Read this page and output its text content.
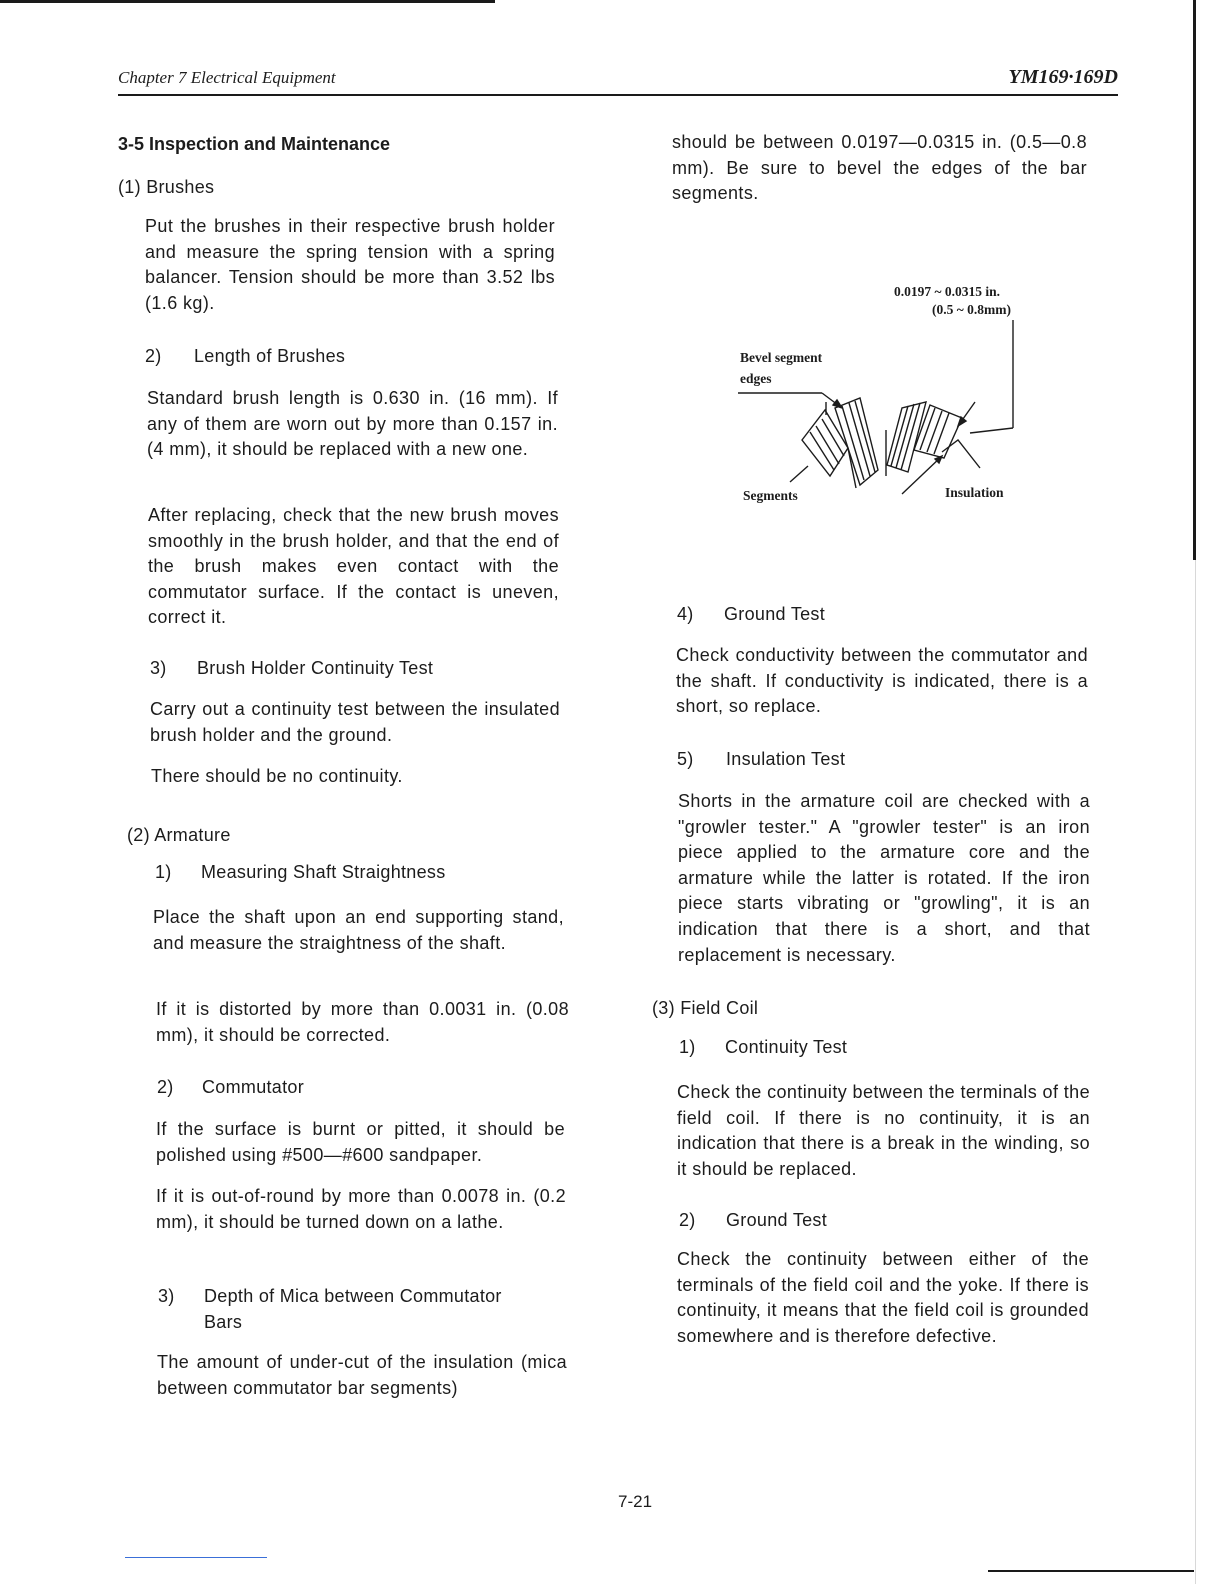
Chapter 7 Electrical Equipment	YM169·169D
3-5 Inspection and Maintenance
(1) Brushes

Put the brushes in their respective brush holder and measure the spring tension with a spring balancer. Tension should be more than 3.52 lbs (1.6 kg).

2) Length of Brushes

Standard brush length is 0.630 in. (16 mm). If any of them are worn out by more than 0.157 in. (4 mm), it should be replaced with a new one.

After replacing, check that the new brush moves smoothly in the brush holder, and that the end of the brush makes even contact with the commutator surface. If the contact is uneven, correct it.

3) Brush Holder Continuity Test

Carry out a continuity test between the insulated brush holder and the ground.

There should be no continuity.

(2) Armature
1) Measuring Shaft Straightness

Place the shaft upon an end supporting stand, and measure the straightness of the shaft.

If it is distorted by more than 0.0031 in. (0.08 mm), it should be corrected.

2) Commutator

If the surface is burnt or pitted, it should be polished using #500—#600 sandpaper.

If it is out-of-round by more than 0.0078 in. (0.2 mm), it should be turned down on a lathe.

3) Depth of Mica between Commutator
Bars

The amount of under-cut of the insulation (mica between commutator bar segments)

should be between 0.0197—0.0315 in. (0.5—0.8 mm). Be sure to bevel the edges of the bar segments.

0.0197 ~ 0.0315 in.
(0.5 ~ 0.8mm)
Bevel segment
edges
Segments	Insulation
4) Ground Test

Check conductivity between the commutator and the shaft. If conductivity is indicated, there is a short, so replace.

5) Insulation Test

Shorts in the armature coil are checked with a "growler tester." A "growler tester" is an iron piece applied to the armature core and the armature while the latter is rotated. If the iron piece starts vibrating or "growling", it is an indication that there is a short, and that replacement is necessary.

(3) Field Coil
1) Continuity Test

Check the continuity between the terminals of the field coil. If there is no continuity, it is an indication that there is a break in the winding, so it should be replaced.

2) Ground Test

Check the continuity between either of the terminals of the field coil and the yoke. If there is continuity, it means that the field coil is grounded somewhere and is therefore defective.

7-21
